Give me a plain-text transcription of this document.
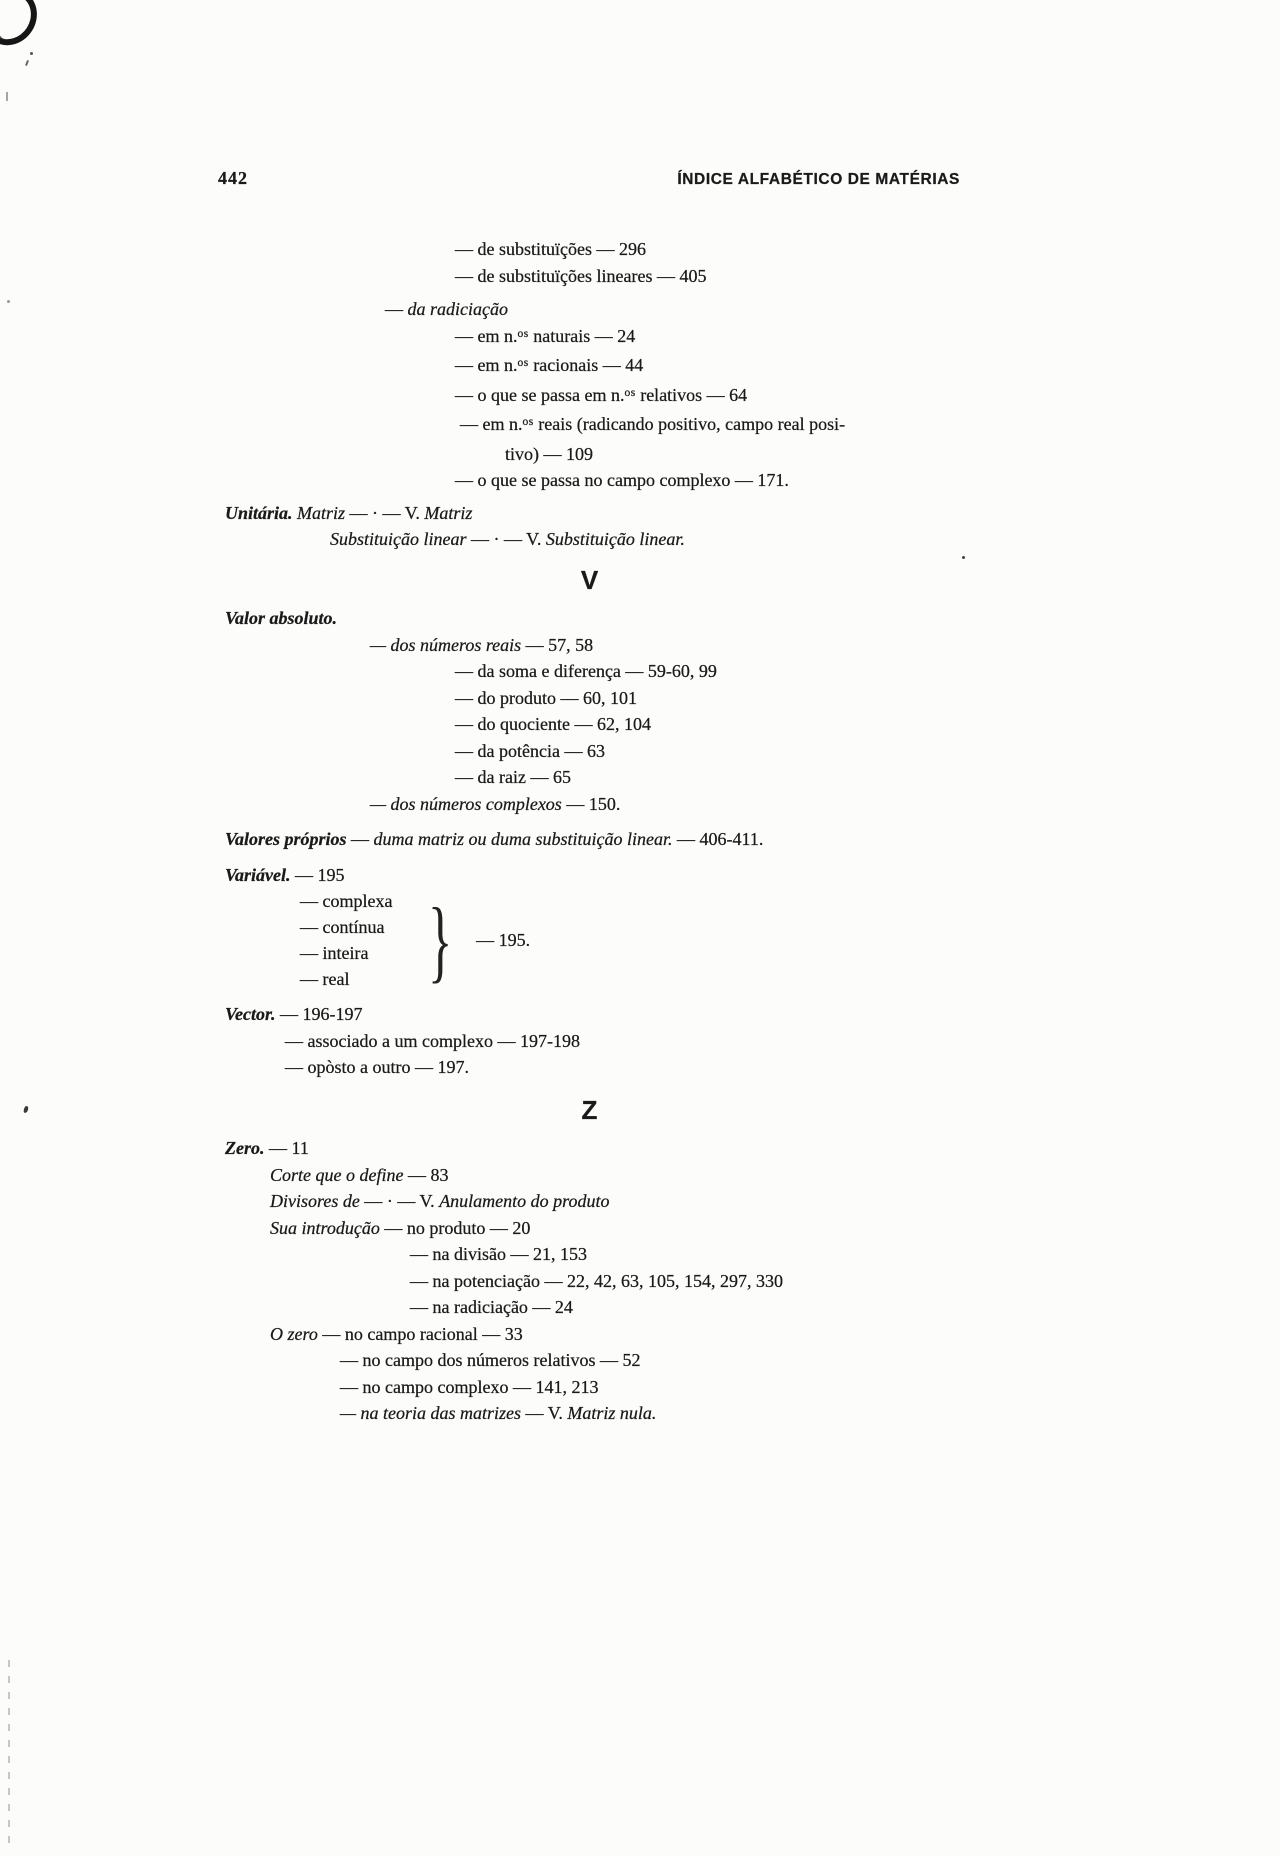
442	ÍNDICE ALFABÉTICO DE MATÉRIAS
— de substituïções — 296
— de substituïções lineares — 405
— da radiciação
— em n.$^{os}$ naturais — 24
— em n.$^{os}$ racionais — 44
— o que se passa em n.$^{os}$ relativos — 64
— em n.$^{os}$ reais (radicando positivo, campo real posi-
tivo) — 109
— o que se passa no campo complexo — 171.
Unitária. Matriz — · — V. Matriz
Substituição linear — · — V. Substituição linear.
V
Valor absoluto.
— dos números reais — 57, 58
— da soma e diferença — 59-60, 99
— do produto — 60, 101
— do quociente — 62, 104
— da potência — 63
— da raiz — 65
— dos números complexos — 150.
Valores próprios — duma matriz ou duma substituição linear. — 406-411.
Variável. — 195
— complexa
— contínua
— inteira
— real } — 195.
Vector. — 196-197
— associado a um complexo — 197-198
— opòsto a outro — 197.
Z
Zero. — 11
Corte que o define — 83
Divisores de — · — V. Anulamento do produto
Sua introdução — no produto — 20
— na divisão — 21, 153
— na potenciação — 22, 42, 63, 105, 154, 297, 330
— na radiciação — 24
O zero — no campo racional — 33
— no campo dos números relativos — 52
— no campo complexo — 141, 213
— na teoria das matrizes — V. Matriz nula.
